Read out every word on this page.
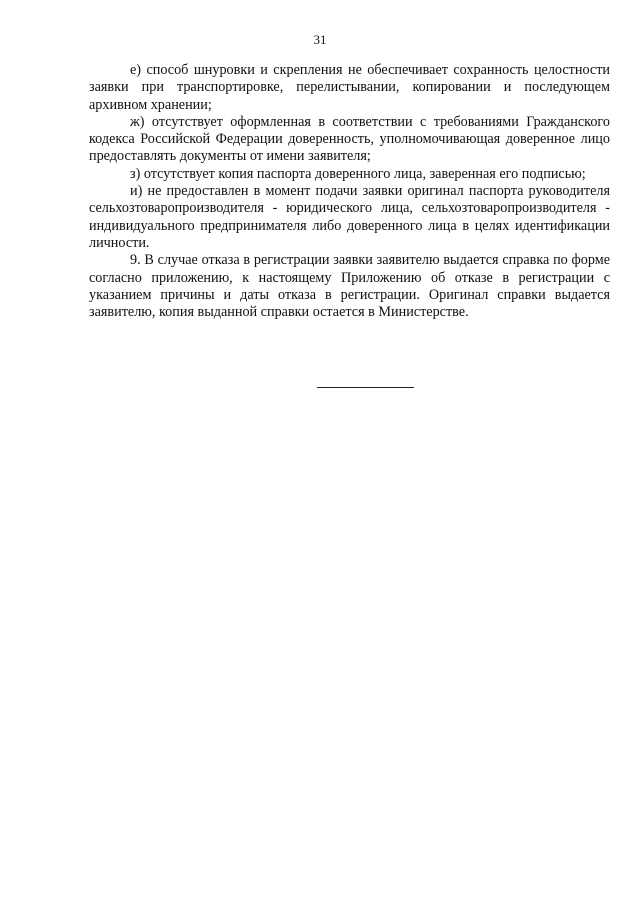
31

е) способ шнуровки и скрепления не обеспечивает сохранность целостности заявки при транспортировке, перелистывании, копировании и последующем архивном хранении;

ж) отсутствует оформленная в соответствии с требованиями Гражданского кодекса Российской Федерации доверенность, уполномочивающая доверенное лицо предоставлять документы от имени заявителя;

з) отсутствует копия паспорта доверенного лица, заверенная его подписью;

и) не предоставлен в момент подачи заявки оригинал паспорта руководителя сельхозтоваропроизводителя - юридического лица, сельхозтоваропроизводителя - индивидуального предпринимателя либо доверенного лица в целях идентификации личности.

9. В случае отказа в регистрации заявки заявителю выдается справка по форме согласно приложению, к настоящему Приложению об отказе в регистрации с указанием причины и даты отказа в регистрации. Оригинал справки выдается заявителю, копия выданной справки остается в Министерстве.
